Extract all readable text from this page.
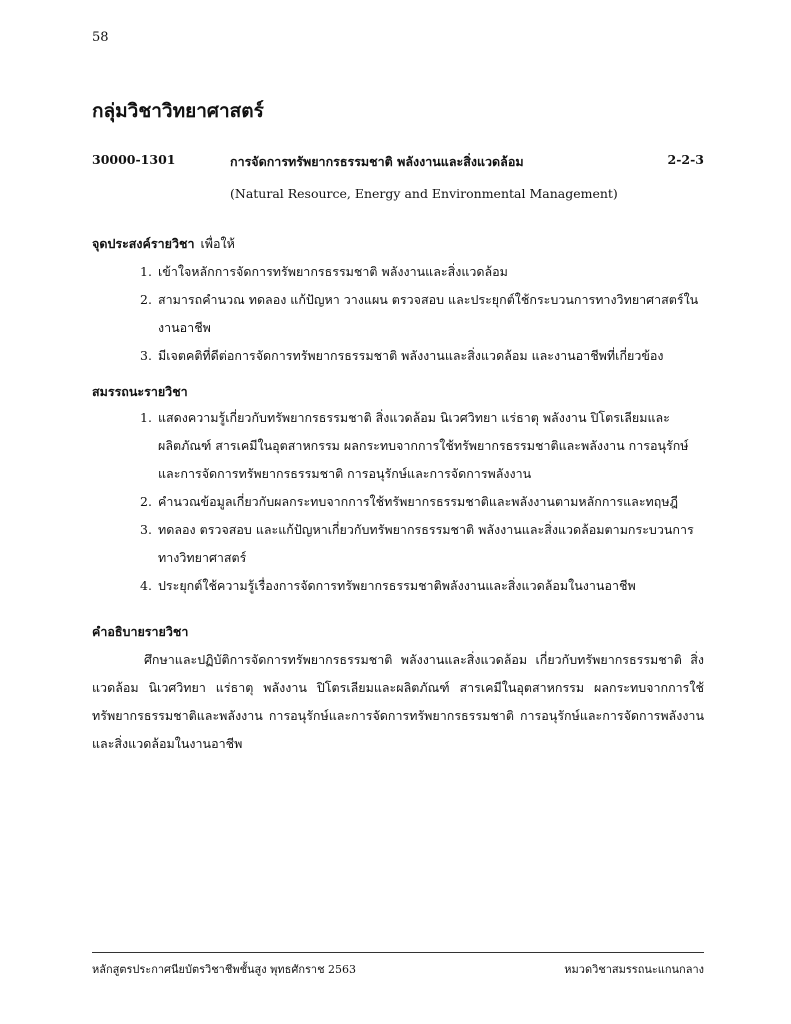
58
กลุ่มวิชาวิทยาศาสตร์
30000-1301	การจัดการทรัพยากรธรรมชาติ พลังงานและสิ่งแวดล้อม	2-2-3
(Natural Resource, Energy and Environmental Management)
จุดประสงค์รายวิชา เพื่อให้
1. เข้าใจหลักการจัดการทรัพยากรธรรมชาติ พลังงานและสิ่งแวดล้อม
2. สามารถคำนวณ ทดลอง แก้ปัญหา วางแผน ตรวจสอบ และประยุกต์ใช้กระบวนการทางวิทยาศาสตร์ในงานอาชีพ
3. มีเจตคติที่ดีต่อการจัดการทรัพยากรธรรมชาติ พลังงานและสิ่งแวดล้อม และงานอาชีพที่เกี่ยวข้อง
สมรรถนะรายวิชา
1. แสดงความรู้เกี่ยวกับทรัพยากรธรรมชาติ สิ่งแวดล้อม นิเวศวิทยา แร่ธาตุ พลังงาน ปิโตรเลียมและผลิตภัณฑ์ สารเคมีในอุตสาหกรรม ผลกระทบจากการใช้ทรัพยากรธรรมชาติและพลังงาน การอนุรักษ์และการจัดการทรัพยากรธรรมชาติ การอนุรักษ์และการจัดการพลังงาน
2. คำนวณข้อมูลเกี่ยวกับผลกระทบจากการใช้ทรัพยากรธรรมชาติและพลังงานตามหลักการและทฤษฎี
3. ทดลอง ตรวจสอบ และแก้ปัญหาเกี่ยวกับทรัพยากรธรรมชาติ พลังงานและสิ่งแวดล้อมตามกระบวนการทางวิทยาศาสตร์
4. ประยุกต์ใช้ความรู้เรื่องการจัดการทรัพยากรธรรมชาติพลังงานและสิ่งแวดล้อมในงานอาชีพ
คำอธิบายรายวิชา

ศึกษาและปฏิบัติการจัดการทรัพยากรธรรมชาติ พลังงานและสิ่งแวดล้อม เกี่ยวกับทรัพยากรธรรมชาติ สิ่งแวดล้อม นิเวศวิทยา แร่ธาตุ พลังงาน ปิโตรเลียมและผลิตภัณฑ์ สารเคมีในอุตสาหกรรม ผลกระทบจากการใช้ทรัพยากรธรรมชาติและพลังงาน การอนุรักษ์และการจัดการทรัพยากรธรรมชาติ การอนุรักษ์และการจัดการพลังงาน และสิ่งแวดล้อมในงานอาชีพ

หลักสูตรประกาศนียบัตรวิชาชีพชั้นสูง พุทธศักราช 2563	หมวดวิชาสมรรถนะแกนกลาง
